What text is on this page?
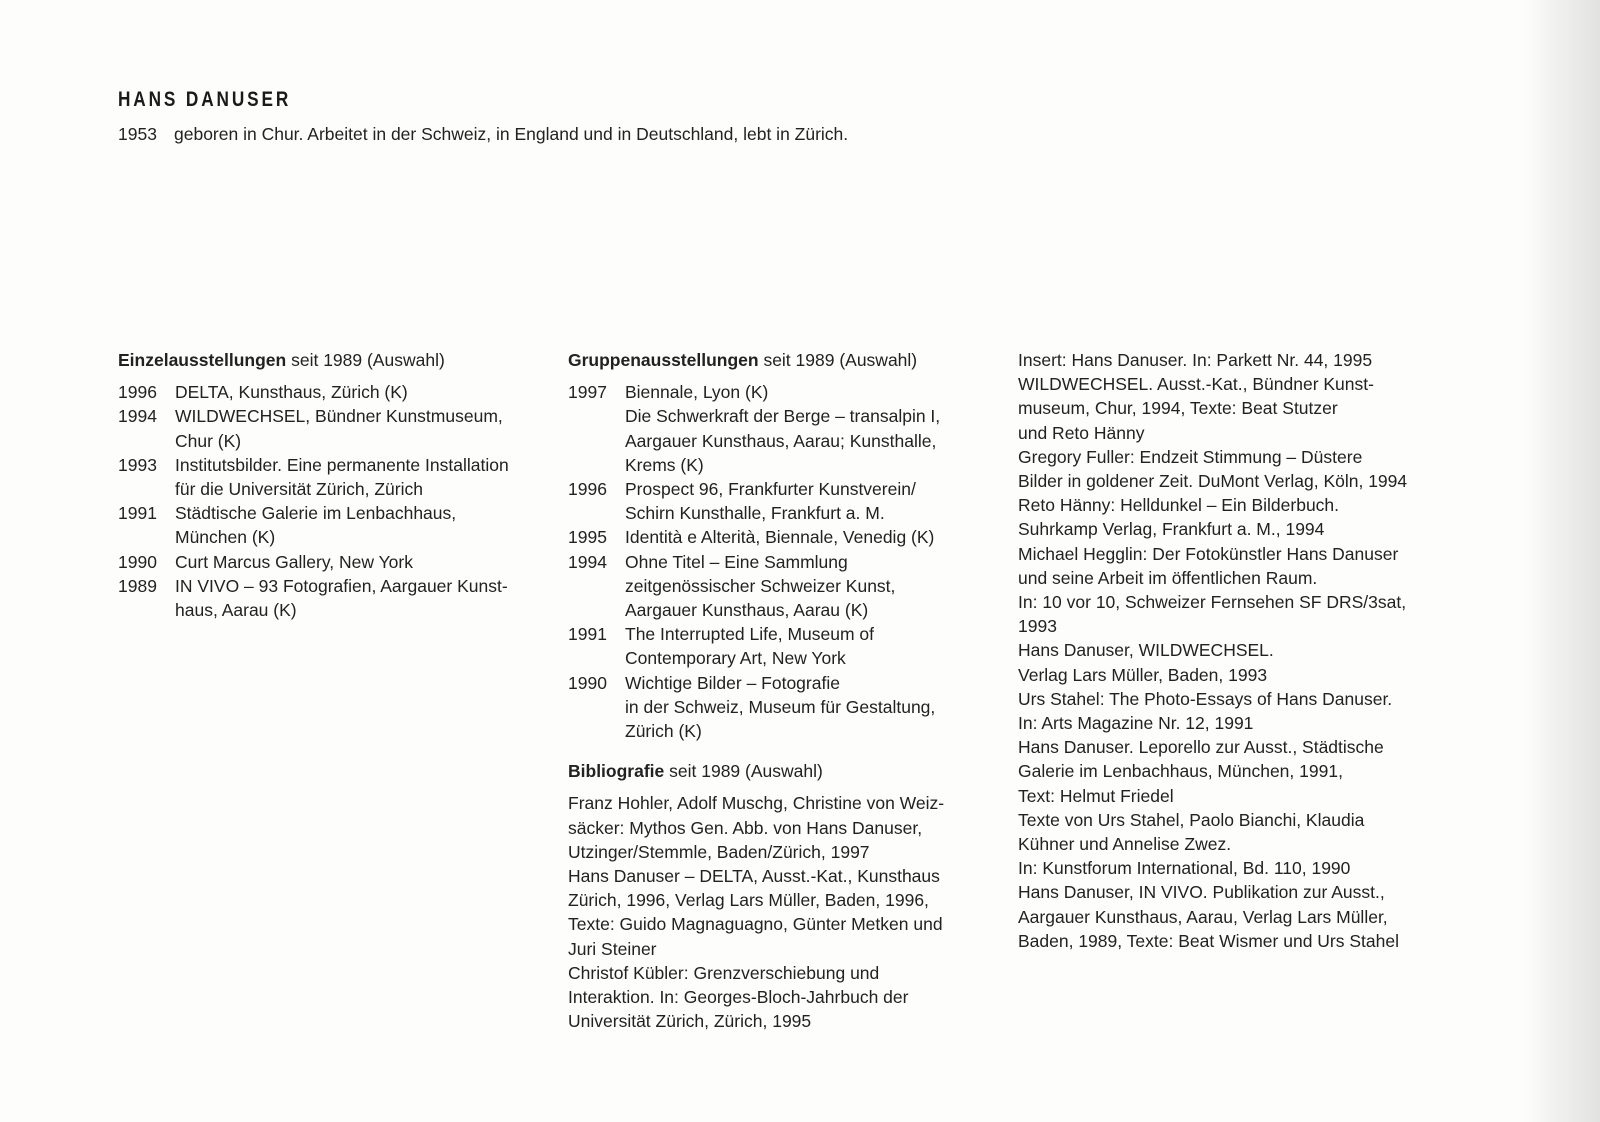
HANS DANUSER
1953 geboren in Chur. Arbeitet in der Schweiz, in England und in Deutschland, lebt in Zürich.
Einzelausstellungen seit 1989 (Auswahl)
1996	DELTA, Kunsthaus, Zürich (K)
1994	WILDWECHSEL, Bündner Kunstmuseum,
Chur (K)
1993	Institutsbilder. Eine permanente Installation
für die Universität Zürich, Zürich
1991	Städtische Galerie im Lenbachhaus,
München (K)
1990	Curt Marcus Gallery, New York
1989	IN VIVO – 93 Fotografien, Aargauer Kunst-
haus, Aarau (K)
Gruppenausstellungen seit 1989 (Auswahl)
1997	Biennale, Lyon (K)
Die Schwerkraft der Berge – transalpin I,
Aargauer Kunsthaus, Aarau; Kunsthalle,
Krems (K)
1996	Prospect 96, Frankfurter Kunstverein/
Schirn Kunsthalle, Frankfurt a. M.
1995	Identità e Alterità, Biennale, Venedig (K)
1994	Ohne Titel – Eine Sammlung
zeitgenössischer Schweizer Kunst,
Aargauer Kunsthaus, Aarau (K)
1991	The Interrupted Life, Museum of
Contemporary Art, New York
1990	Wichtige Bilder – Fotografie
in der Schweiz, Museum für Gestaltung,
Zürich (K)
Bibliografie seit 1989 (Auswahl)
Franz Hohler, Adolf Muschg, Christine von Weiz-
säcker: Mythos Gen. Abb. von Hans Danuser,
Utzinger/Stemmle, Baden/Zürich, 1997
Hans Danuser – DELTA, Ausst.-Kat., Kunsthaus
Zürich, 1996, Verlag Lars Müller, Baden, 1996,
Texte: Guido Magnaguagno, Günter Metken und
Juri Steiner
Christof Kübler: Grenzverschiebung und
Interaktion. In: Georges-Bloch-Jahrbuch der
Universität Zürich, Zürich, 1995
Insert: Hans Danuser. In: Parkett Nr. 44, 1995
WILDWECHSEL. Ausst.-Kat., Bündner Kunst-
museum, Chur, 1994, Texte: Beat Stutzer
und Reto Hänny
Gregory Fuller: Endzeit Stimmung – Düstere
Bilder in goldener Zeit. DuMont Verlag, Köln, 1994
Reto Hänny: Helldunkel – Ein Bilderbuch.
Suhrkamp Verlag, Frankfurt a. M., 1994
Michael Hegglin: Der Fotokünstler Hans Danuser
und seine Arbeit im öffentlichen Raum.
In: 10 vor 10, Schweizer Fernsehen SF DRS/3sat,
1993
Hans Danuser, WILDWECHSEL.
Verlag Lars Müller, Baden, 1993
Urs Stahel: The Photo-Essays of Hans Danuser.
In: Arts Magazine Nr. 12, 1991
Hans Danuser. Leporello zur Ausst., Städtische
Galerie im Lenbachhaus, München, 1991,
Text: Helmut Friedel
Texte von Urs Stahel, Paolo Bianchi, Klaudia
Kühner und Annelise Zwez.
In: Kunstforum International, Bd. 110, 1990
Hans Danuser, IN VIVO. Publikation zur Ausst.,
Aargauer Kunsthaus, Aarau, Verlag Lars Müller,
Baden, 1989, Texte: Beat Wismer und Urs Stahel
